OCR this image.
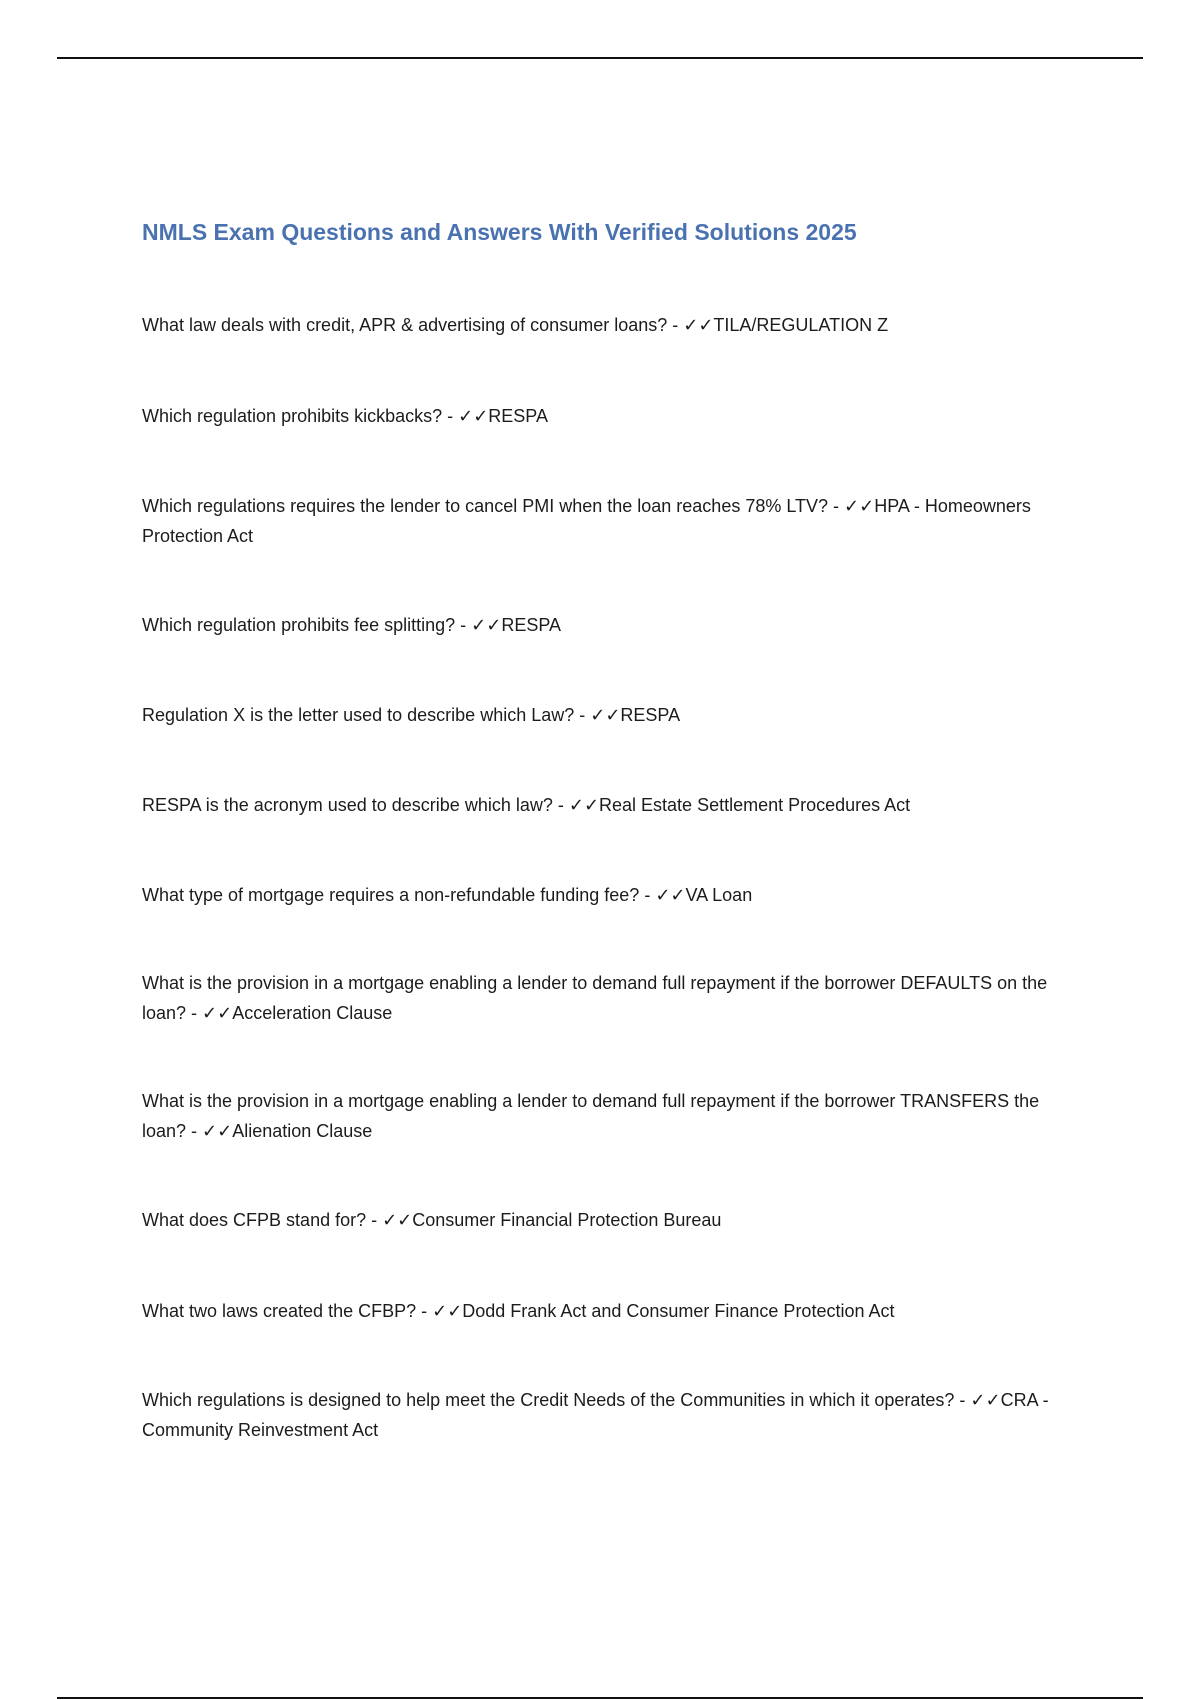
NMLS Exam Questions and Answers With Verified Solutions 2025

What law deals with credit, APR & advertising of consumer loans? - ✓✓TILA/REGULATION Z

Which regulation prohibits kickbacks? - ✓✓RESPA

Which regulations requires the lender to cancel PMI when the loan reaches 78% LTV? - ✓✓HPA - Homeowners Protection Act

Which regulation prohibits fee splitting? - ✓✓RESPA

Regulation X is the letter used to describe which Law? - ✓✓RESPA

RESPA is the acronym used to describe which law? - ✓✓Real Estate Settlement Procedures Act

What type of mortgage requires a non-refundable funding fee? - ✓✓VA Loan

What is the provision in a mortgage enabling a lender to demand full repayment if the borrower DEFAULTS on the loan? - ✓✓Acceleration Clause

What is the provision in a mortgage enabling a lender to demand full repayment if the borrower TRANSFERS the loan? - ✓✓Alienation Clause

What does CFPB stand for? - ✓✓Consumer Financial Protection Bureau

What two laws created the CFBP? - ✓✓Dodd Frank Act and Consumer Finance Protection Act

Which regulations is designed to help meet the Credit Needs of the Communities in which it operates? - ✓✓CRA - Community Reinvestment Act
